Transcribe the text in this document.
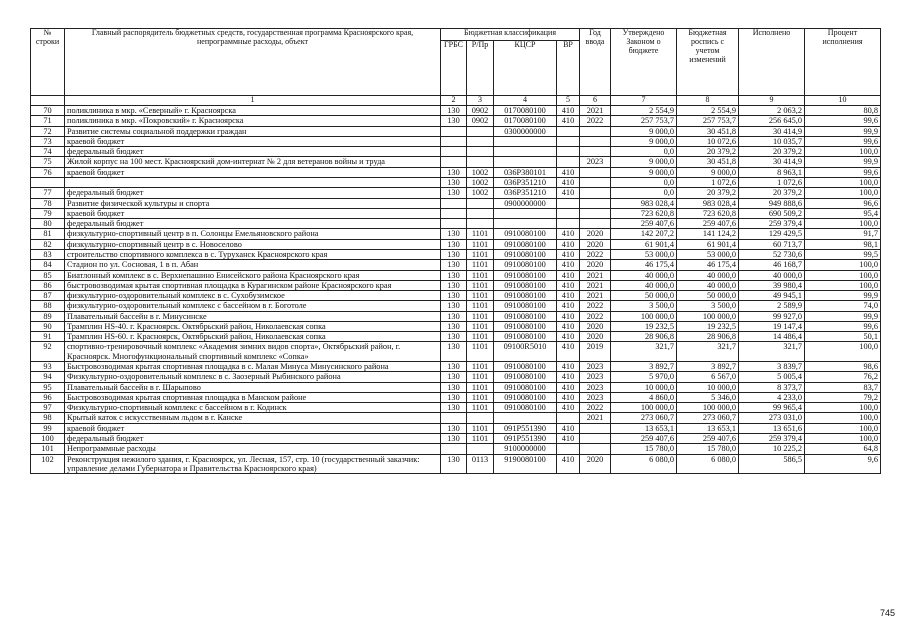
№ строки	Главный распорядитель бюджетных средств, государственная программа Красноярского края, непрограммные расходы, объект	Бюджетная классификация				Год ввода	Утверждено Законом о бюджете	Бюджетная роспись с учетом изменений	Исполнено	Процент исполнения
		ГРБС	Р/Пр	КЦСР	ВР					
	1	2	3	4	5	6	7	8	9	10
70	поликлиника в мкр. «Северный» г. Красноярска	130	0902	0170080100	410	2021	2 554,9	2 554,9	2 063,2	80,8
71	поликлиника в мкр. «Покровский» г. Красноярска	130	0902	0170080100	410	2022	257 753,7	257 753,7	256 645,0	99,6
72	Развитие системы социальной поддержки граждан			0300000000			9 000,0	30 451,8	30 414,9	99,9
73	краевой бюджет						9 000,0	10 072,6	10 035,7	99,6
74	федеральный бюджет						0,0	20 379,2	20 379,2	100,0
75	Жилой корпус на 100 мест. Красноярский дом-интернат № 2 для ветеранов войны и труда					2023	9 000,0	30 451,8	30 414,9	99,9
76	краевой бюджет	130	1002	036P380101	410		9 000,0	9 000,0	8 963,1	99,6
		130	1002	036P351210	410		0,0	1 072,6	1 072,6	100,0
77	федеральный бюджет	130	1002	036P351210	410		0,0	20 379,2	20 379,2	100,0
78	Развитие физической культуры и спорта			0900000000			983 028,4	983 028,4	949 888,6	96,6
79	краевой бюджет						723 620,8	723 620,8	690 509,2	95,4
80	федеральный бюджет						259 407,6	259 407,6	259 379,4	100,0
81	физкультурно-спортивный центр в п. Солонцы Емельяновского района	130	1101	0910080100	410	2020	142 207,2	141 124,2	129 429,5	91,7
82	физкультурно-спортивный центр в с. Новоселово	130	1101	0910080100	410	2020	61 901,4	61 901,4	60 713,7	98,1
83	строительство спортивного комплекса в с. Туруханск Красноярского края	130	1101	0910080100	410	2022	53 000,0	53 000,0	52 730,6	99,5
84	Стадион по ул. Сосновая, 1 в п. Абан	130	1101	0910080100	410	2020	46 175,4	46 175,4	46 168,7	100,0
85	Биатлонный комплекс в с. Верхнепашино Енисейского района Красноярского края	130	1101	0910080100	410	2021	40 000,0	40 000,0	40 000,0	100,0
86	быстровозводимая крытая спортивная площадка в Курагинском районе Красноярского края	130	1101	0910080100	410	2021	40 000,0	40 000,0	39 980,4	100,0
87	физкультурно-оздоровительный комплекс в с. Сухобузимское	130	1101	0910080100	410	2021	50 000,0	50 000,0	49 945,1	99,9
88	физкультурно-оздоровительный комплекс с бассейном в г. Боготоле	130	1101	0910080100	410	2022	3 500,0	3 500,0	2 589,9	74,0
89	Плавательный бассейн в г. Минусинске	130	1101	0910080100	410	2022	100 000,0	100 000,0	99 927,0	99,9
90	Трамплин HS-40. г. Красноярск. Октябрьский район, Николаевская сопка	130	1101	0910080100	410	2020	19 232,5	19 232,5	19 147,4	99,6
91	Трамплин HS-60. г. Красноярск, Октябрьский район, Николаевская сопка	130	1101	0910080100	410	2020	28 906,8	28 906,8	14 486,4	50,1
92	спортивно-тренировочный комплекс «Академия зимних видов спорта», Октябрьский район, г. Красноярск. Многофункциональный спортивный комплекс «Сопка»	130	1101	09100R5010	410	2019	321,7	321,7	321,7	100,0
93	Быстровозводимая крытая спортивная площадка в с. Малая Минуса Минусинского района	130	1101	0910080100	410	2023	3 892,7	3 892,7	3 839,7	98,6
94	Физкультурно-оздоровительный комплекс в с. Заозерный Рыбинского района	130	1101	0910080100	410	2023	5 970,0	6 567,0	5 005,4	76,2
95	Плавательный бассейн в г. Шарыпово	130	1101	0910080100	410	2023	10 000,0	10 000,0	8 373,7	83,7
96	Быстровозводимая крытая спортивная площадка в Манском районе	130	1101	0910080100	410	2023	4 860,0	5 346,0	4 233,0	79,2
97	Физкультурно-спортивный комплекс с бассейном в г. Кодинск	130	1101	0910080100	410	2022	100 000,0	100 000,0	99 965,4	100,0
98	Крытый каток с искусственным льдом в г. Канске					2021	273 060,7	273 060,7	273 031,0	100,0
99	краевой бюджет	130	1101	091P551390	410		13 653,1	13 653,1	13 651,6	100,0
100	федеральный бюджет	130	1101	091P551390	410		259 407,6	259 407,6	259 379,4	100,0
101	Непрограммные расходы			9100000000			15 780,0	15 780,0	10 225,2	64,8
102	Реконструкция нежилого здания, г. Красноярск, ул. Лесная, 157, стр. 10 (государственный заказчик: управление делами Губернатора и Правительства Красноярского края)	130	0113	9190080100	410	2020	6 080,0	6 080,0	586,5	9,6
745
